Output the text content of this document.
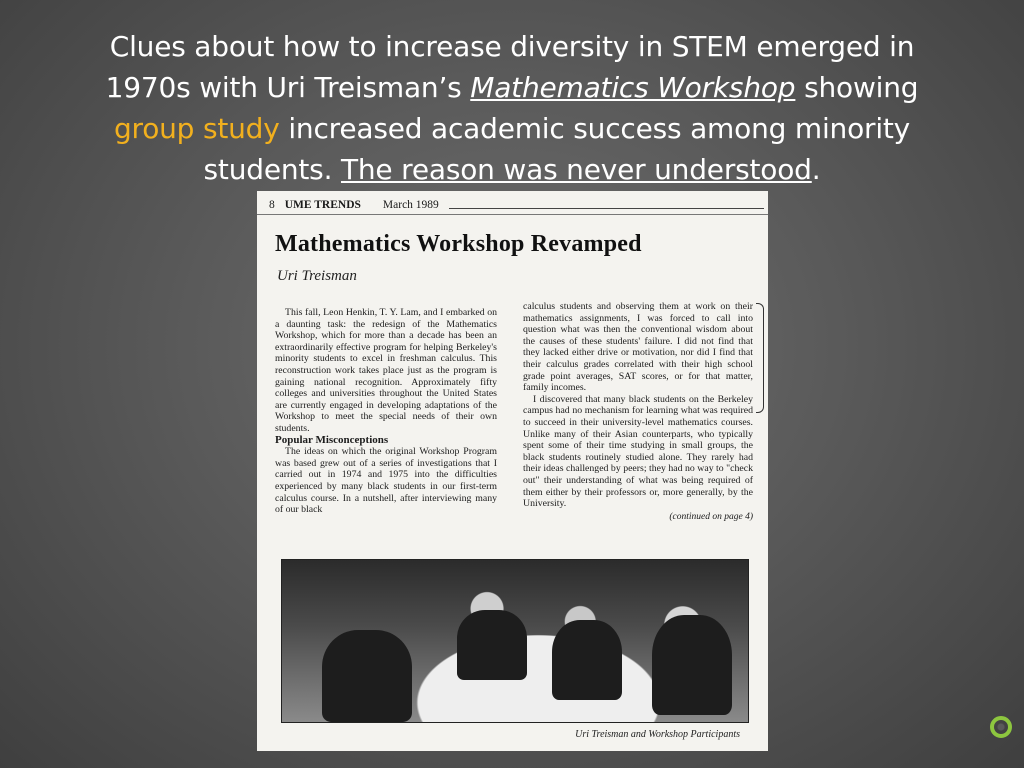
Clues about how to increase diversity in STEM emerged in
1970s with Uri Treisman’s Mathematics Workshop showing
group study increased academic success among minority
students. The reason was never understood.
8 UME TRENDS March 1989
Mathematics Workshop Revamped
Uri Treisman

This fall, Leon Henkin, T. Y. Lam, and I embarked on a daunting task: the redesign of the Mathematics Workshop, which for more than a decade has been an extraordinarily effective program for helping Berkeley's minority students to excel in freshman calculus. This reconstruction work takes place just as the program is gaining national recognition. Approximately fifty colleges and universities throughout the United States are currently engaged in developing adaptations of the Workshop to meet the special needs of their own students.

Popular Misconceptions

The ideas on which the original Workshop Program was based grew out of a series of investigations that I carried out in 1974 and 1975 into the difficulties experienced by many black students in our first-term calculus course. In a nutshell, after interviewing many of our black

calculus students and observing them at work on their mathematics assignments, I was forced to call into question what was then the conventional wisdom about the causes of these students' failure. I did not find that they lacked either drive or motivation, nor did I find that their calculus grades correlated with their high school grade point averages, SAT scores, or for that matter, family incomes.

I discovered that many black students on the Berkeley campus had no mechanism for learning what was required to succeed in their university-level mathematics courses. Unlike many of their Asian counterparts, who typically spent some of their time studying in small groups, the black students routinely studied alone. They rarely had their ideas challenged by peers; they had no way to "check out" their understanding of what was being required of them either by their professors or, more generally, by the University.

(continued on page 4)
Uri Treisman and Workshop Participants
